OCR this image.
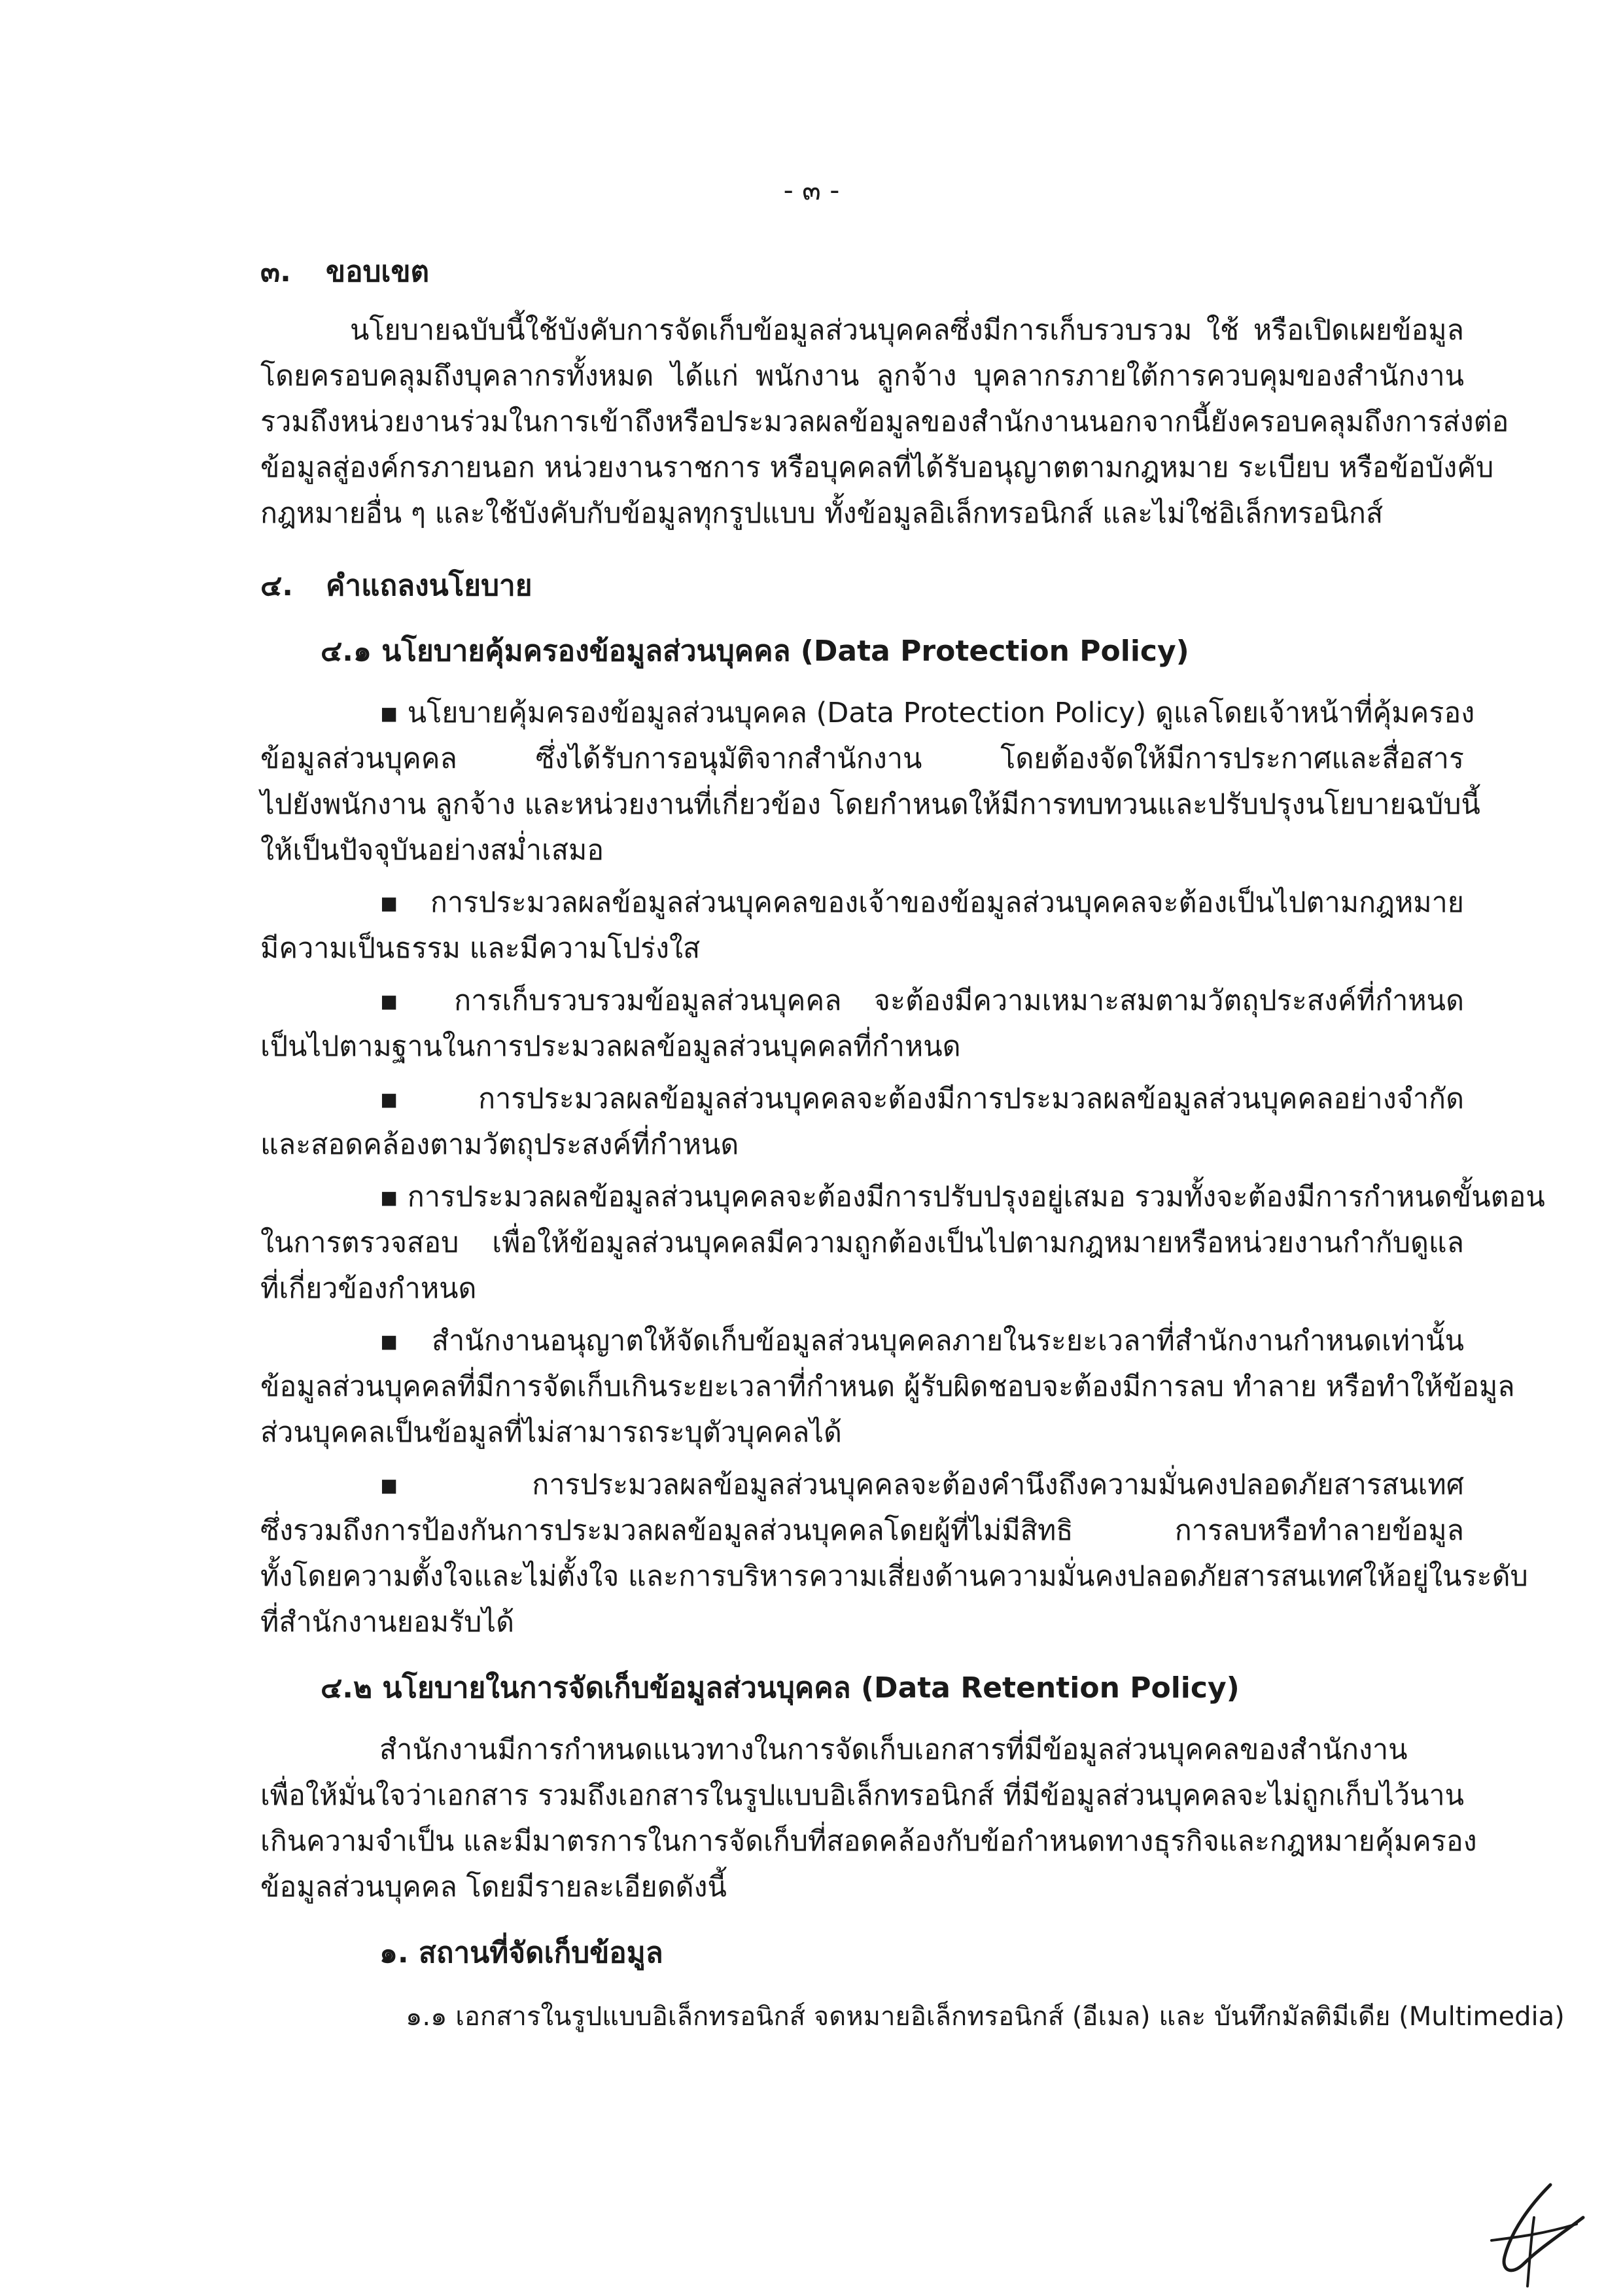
- ๓ -
๓. ขอบเขต
นโยบายฉบับนี้ใช้บังคับการจัดเก็บข้อมูลส่วนบุคคลซึ่งมีการเก็บรวบรวม ใช้ หรือเปิดเผยข้อมูล
โดยครอบคลุมถึงบุคลากรทั้งหมด ได้แก่ พนักงาน ลูกจ้าง บุคลากรภายใต้การควบคุมของสำนักงาน
รวมถึงหน่วยงานร่วมในการเข้าถึงหรือประมวลผลข้อมูลของสำนักงานนอกจากนี้ยังครอบคลุมถึงการส่งต่อ
ข้อมูลสู่องค์กรภายนอก หน่วยงานราชการ หรือบุคคลที่ได้รับอนุญาตตามกฎหมาย ระเบียบ หรือข้อบังคับ
กฎหมายอื่น ๆ และใช้บังคับกับข้อมูลทุกรูปแบบ ทั้งข้อมูลอิเล็กทรอนิกส์ และไม่ใช่อิเล็กทรอนิกส์
๔. คำแถลงนโยบาย
๔.๑ นโยบายคุ้มครองข้อมูลส่วนบุคคล (Data Protection Policy)
▪ นโยบายคุ้มครองข้อมูลส่วนบุคคล (Data Protection Policy) ดูแลโดยเจ้าหน้าที่คุ้มครอง
ข้อมูลส่วนบุคคล ซึ่งได้รับการอนุมัติจากสำนักงาน โดยต้องจัดให้มีการประกาศและสื่อสาร
ไปยังพนักงาน ลูกจ้าง และหน่วยงานที่เกี่ยวข้อง โดยกำหนดให้มีการทบทวนและปรับปรุงนโยบายฉบับนี้
ให้เป็นปัจจุบันอย่างสม่ำเสมอ
▪ การประมวลผลข้อมูลส่วนบุคคลของเจ้าของข้อมูลส่วนบุคคลจะต้องเป็นไปตามกฎหมาย
มีความเป็นธรรม และมีความโปร่งใส
▪ การเก็บรวบรวมข้อมูลส่วนบุคคล จะต้องมีความเหมาะสมตามวัตถุประสงค์ที่กำหนด
เป็นไปตามฐานในการประมวลผลข้อมูลส่วนบุคคลที่กำหนด
▪ การประมวลผลข้อมูลส่วนบุคคลจะต้องมีการประมวลผลข้อมูลส่วนบุคคลอย่างจำกัด
และสอดคล้องตามวัตถุประสงค์ที่กำหนด
▪ การประมวลผลข้อมูลส่วนบุคคลจะต้องมีการปรับปรุงอยู่เสมอ รวมทั้งจะต้องมีการกำหนดขั้นตอน
ในการตรวจสอบ เพื่อให้ข้อมูลส่วนบุคคลมีความถูกต้องเป็นไปตามกฎหมายหรือหน่วยงานกำกับดูแล
ที่เกี่ยวข้องกำหนด
▪ สำนักงานอนุญาตให้จัดเก็บข้อมูลส่วนบุคคลภายในระยะเวลาที่สำนักงานกำหนดเท่านั้น
ข้อมูลส่วนบุคคลที่มีการจัดเก็บเกินระยะเวลาที่กำหนด ผู้รับผิดชอบจะต้องมีการลบ ทำลาย หรือทำให้ข้อมูล
ส่วนบุคคลเป็นข้อมูลที่ไม่สามารถระบุตัวบุคคลได้
▪ การประมวลผลข้อมูลส่วนบุคคลจะต้องคำนึงถึงความมั่นคงปลอดภัยสารสนเทศ
ซึ่งรวมถึงการป้องกันการประมวลผลข้อมูลส่วนบุคคลโดยผู้ที่ไม่มีสิทธิ การลบหรือทำลายข้อมูล
ทั้งโดยความตั้งใจและไม่ตั้งใจ และการบริหารความเสี่ยงด้านความมั่นคงปลอดภัยสารสนเทศให้อยู่ในระดับ
ที่สำนักงานยอมรับได้
๔.๒ นโยบายในการจัดเก็บข้อมูลส่วนบุคคล (Data Retention Policy)
สำนักงานมีการกำหนดแนวทางในการจัดเก็บเอกสารที่มีข้อมูลส่วนบุคคลของสำนักงาน
เพื่อให้มั่นใจว่าเอกสาร รวมถึงเอกสารในรูปแบบอิเล็กทรอนิกส์ ที่มีข้อมูลส่วนบุคคลจะไม่ถูกเก็บไว้นาน
เกินความจำเป็น และมีมาตรการในการจัดเก็บที่สอดคล้องกับข้อกำหนดทางธุรกิจและกฎหมายคุ้มครอง
ข้อมูลส่วนบุคคล โดยมีรายละเอียดดังนี้
๑. สถานที่จัดเก็บข้อมูล
๑.๑ เอกสารในรูปแบบอิเล็กทรอนิกส์ จดหมายอิเล็กทรอนิกส์ (อีเมล) และ บันทึกมัลติมีเดีย (Multimedia)
